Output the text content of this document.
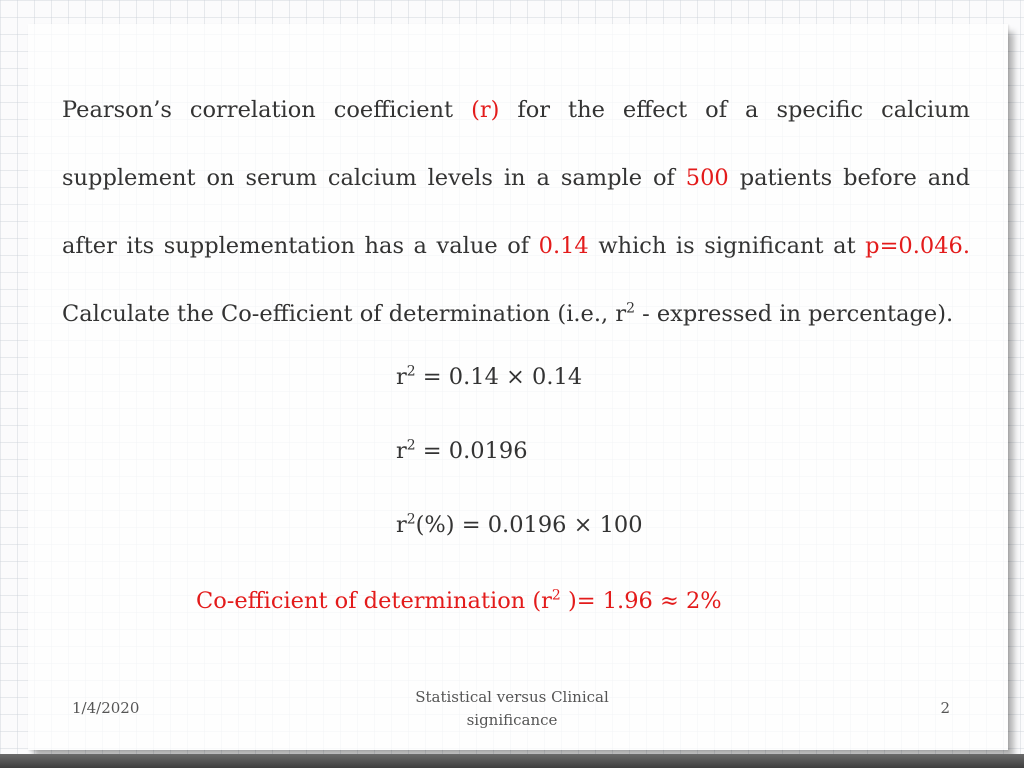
Pearson’s correlation coefficient (r) for the effect of a specific calcium
supplement on serum calcium levels in a sample of 500 patients before and
after its supplementation has a value of 0.14 which is significant at p=0.046.
Calculate the Co-efficient of determination (i.e., $r^2$ - expressed in percentage).

$r^2 = 0.14 \times 0.14$
$r^2 = 0.0196$
$r^2(\%) = 0.0196 \times 100$
Co-efficient of determination ($r^2$ )= 1.96 ≈ 2%
1/4/2020
Statistical versus Clinical
significance
2
